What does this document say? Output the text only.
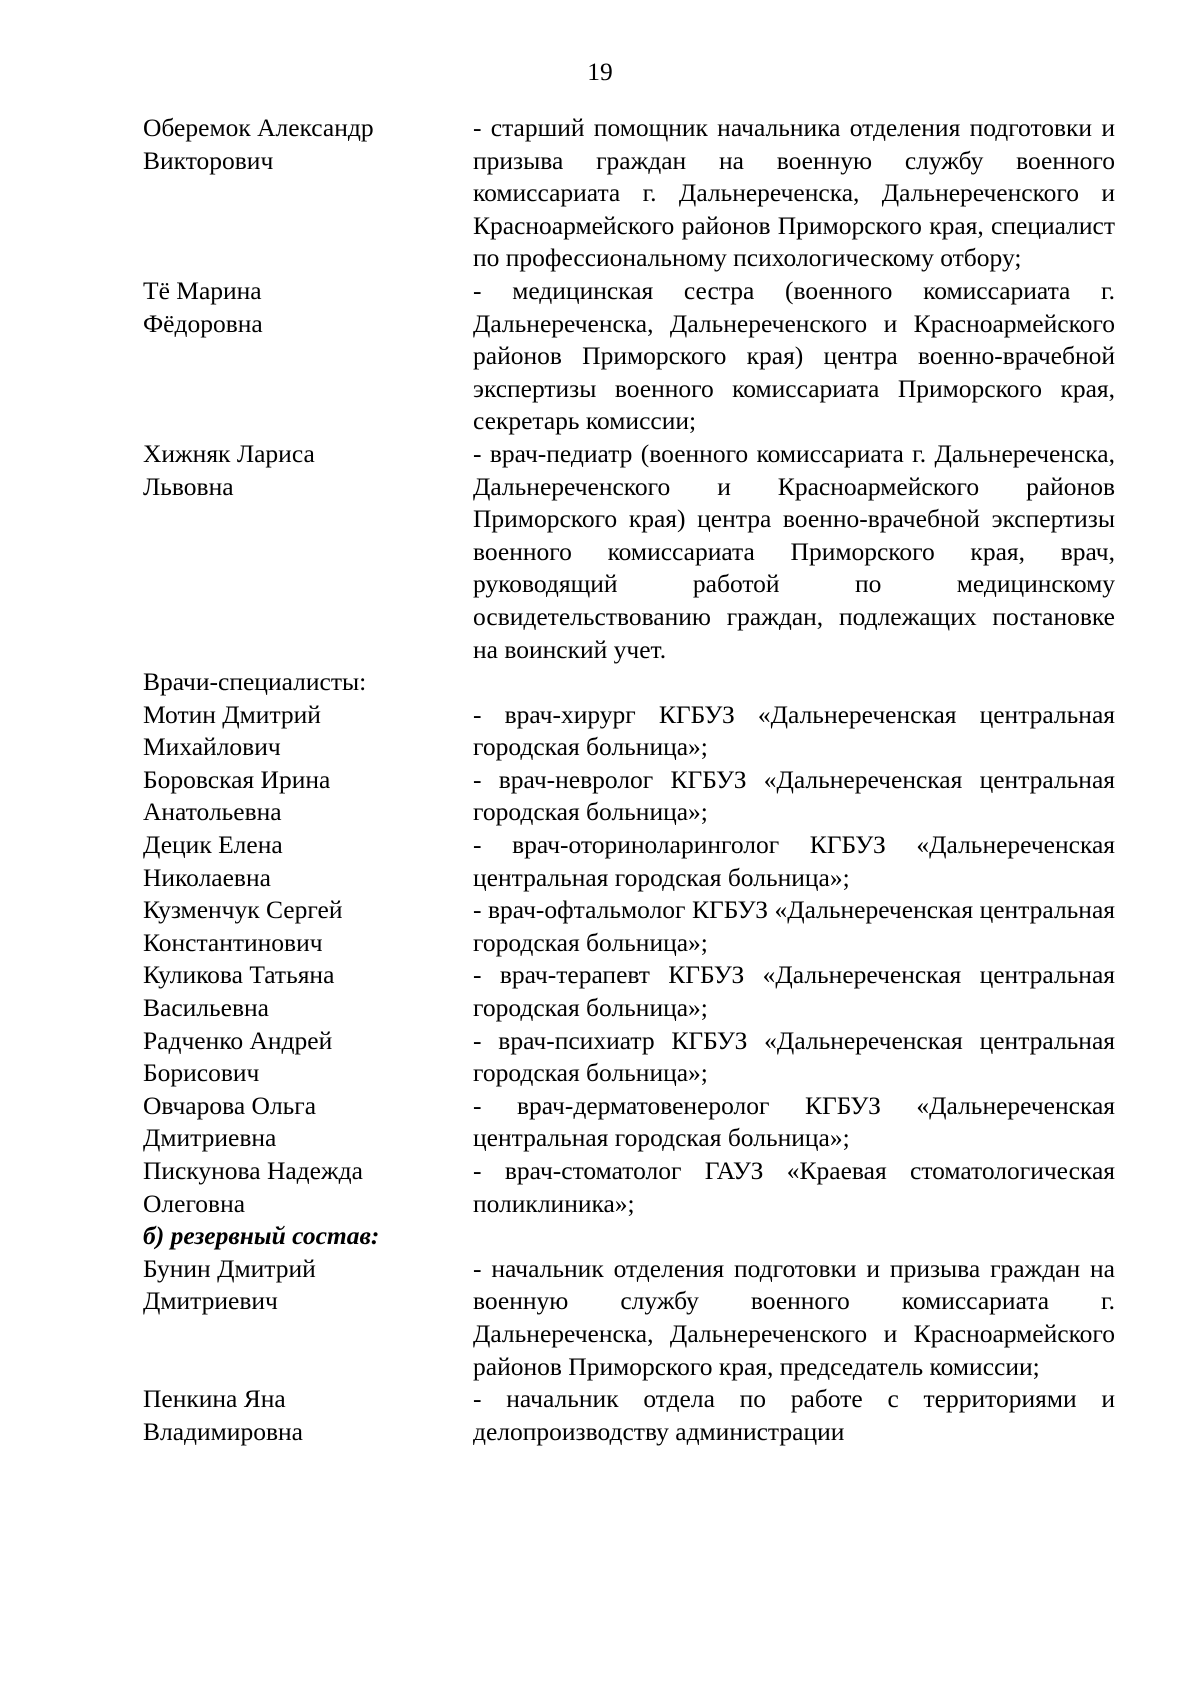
19
Оберемок Александр
Викторович
- старший помощник начальника отделения подготовки и призыва граждан на военную службу военного комиссариата г. Дальнереченска, Дальнереченского и Красноармейского районов Приморского края, специалист по профессиональному психологическому отбору;
Тё Марина
Фёдоровна
- медицинская сестра (военного комиссариата г. Дальнереченска, Дальнереченского и Красноармейского районов Приморского края) центра военно-врачебной экспертизы военного комиссариата Приморского края, секретарь комиссии;
Хижняк Лариса
Львовна
- врач-педиатр (военного комиссариата г. Дальнереченска, Дальнереченского и Красноармейского районов Приморского края) центра военно-врачебной экспертизы военного комиссариата Приморского края, врач, руководящий работой по медицинскому освидетельствованию граждан, подлежащих постановке на воинский учет.
Врачи-специалисты:
Мотин Дмитрий
Михайлович
- врач-хирург КГБУЗ «Дальнереченская центральная городская больница»;
Боровская Ирина
Анатольевна
- врач-невролог КГБУЗ «Дальнереченская центральная городская больница»;
Децик Елена
Николаевна
- врач-оториноларинголог КГБУЗ «Дальнереченская центральная городская больница»;
Кузменчук Сергей
Константинович
- врач-офтальмолог КГБУЗ «Дальнереченская центральная городская больница»;
Куликова Татьяна
Васильевна
- врач-терапевт КГБУЗ «Дальнереченская центральная городская больница»;
Радченко Андрей
Борисович
- врач-психиатр КГБУЗ «Дальнереченская центральная городская больница»;
Овчарова Ольга
Дмитриевна
- врач-дерматовенеролог КГБУЗ «Дальнереченская центральная городская больница»;
Пискунова Надежда
Олеговна
- врач-стоматолог ГАУЗ «Краевая стоматологическая поликлиника»;
б) резервный состав:
Бунин Дмитрий
Дмитриевич
- начальник отделения подготовки и призыва граждан на военную службу военного комиссариата г. Дальнереченска, Дальнереченского и Красноармейского районов Приморского края, председатель комиссии;
Пенкина Яна
Владимировна
- начальник отдела по работе с территориями и делопроизводству администрации
